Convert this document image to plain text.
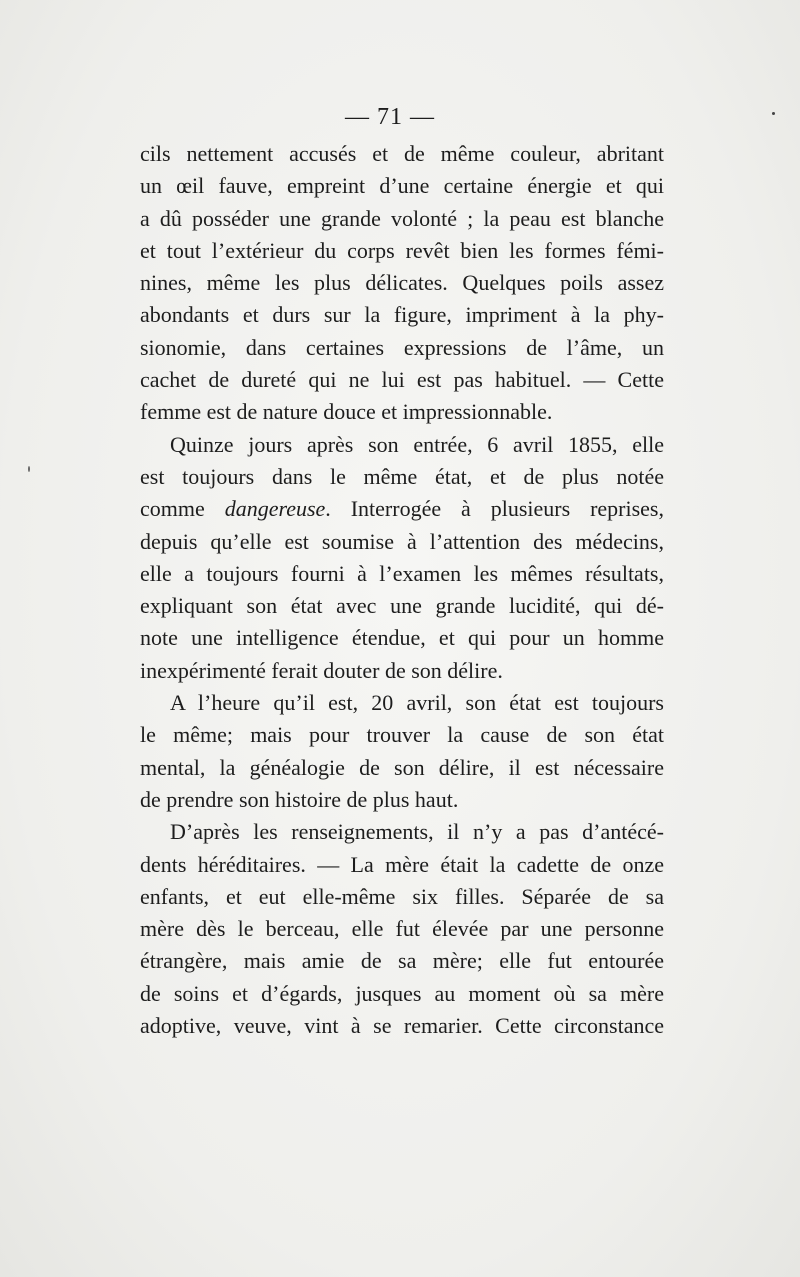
— 71 —
cils nettement accusés et de même couleur, abritant
un œil fauve, empreint d’une certaine énergie et qui
a dû posséder une grande volonté ; la peau est blanche
et tout l’extérieur du corps revêt bien les formes fémi-
nines, même les plus délicates. Quelques poils assez
abondants et durs sur la figure, impriment à la phy-
sionomie, dans certaines expressions de l’âme, un
cachet de dureté qui ne lui est pas habituel. — Cette
femme est de nature douce et impressionnable.
Quinze jours après son entrée, 6 avril 1855, elle
est toujours dans le même état, et de plus notée
comme dangereuse. Interrogée à plusieurs reprises,
depuis qu’elle est soumise à l’attention des médecins,
elle a toujours fourni à l’examen les mêmes résultats,
expliquant son état avec une grande lucidité, qui dé-
note une intelligence étendue, et qui pour un homme
inexpérimenté ferait douter de son délire.
A l’heure qu’il est, 20 avril, son état est toujours
le même; mais pour trouver la cause de son état
mental, la généalogie de son délire, il est nécessaire
de prendre son histoire de plus haut.
D’après les renseignements, il n’y a pas d’antécé-
dents héréditaires. — La mère était la cadette de onze
enfants, et eut elle-même six filles. Séparée de sa
mère dès le berceau, elle fut élevée par une personne
étrangère, mais amie de sa mère; elle fut entourée
de soins et d’égards, jusques au moment où sa mère
adoptive, veuve, vint à se remarier. Cette circonstance
